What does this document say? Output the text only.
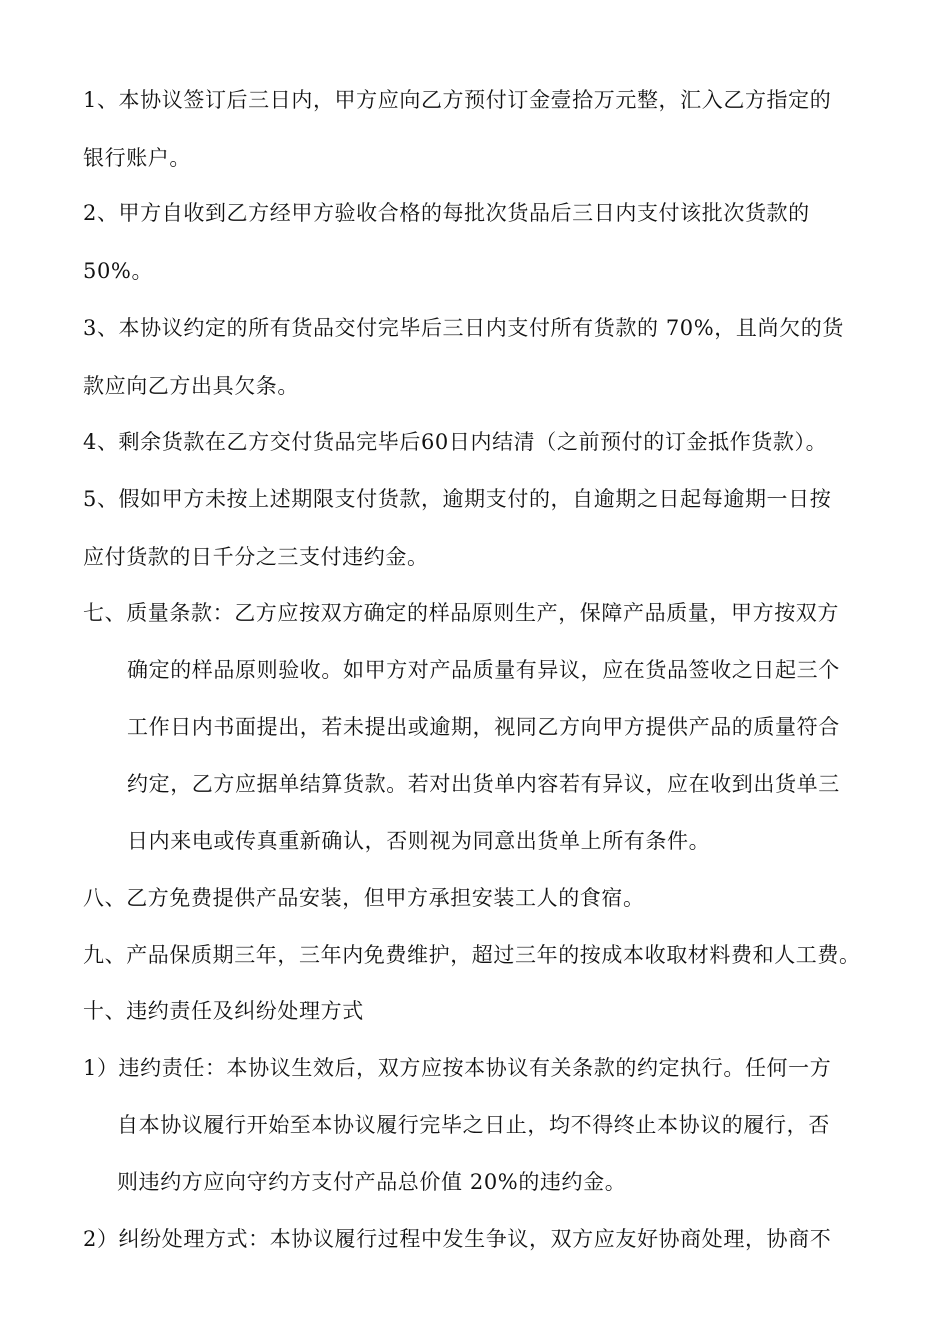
1、本协议签订后三日内，甲方应向乙方预付订金壹拾万元整，汇入乙方指定的
银行账户。
2、甲方自收到乙方经甲方验收合格的每批次货品后三日内支付该批次货款的
50%。
3、本协议约定的所有货品交付完毕后三日内支付所有货款的 70%，且尚欠的货
款应向乙方出具欠条。
4、剩余货款在乙方交付货品完毕后60日内结清（之前预付的订金抵作货款）。
5、假如甲方未按上述期限支付货款，逾期支付的，自逾期之日起每逾期一日按
应付货款的日千分之三支付违约金。
七、质量条款：乙方应按双方确定的样品原则生产，保障产品质量，甲方按双方
确定的样品原则验收。如甲方对产品质量有异议，应在货品签收之日起三个
工作日内书面提出，若未提出或逾期，视同乙方向甲方提供产品的质量符合
约定，乙方应据单结算货款。若对出货单内容若有异议，应在收到出货单三
日内来电或传真重新确认，否则视为同意出货单上所有条件。
八、乙方免费提供产品安装，但甲方承担安装工人的食宿。
九、产品保质期三年，三年内免费维护，超过三年的按成本收取材料费和人工费。
十、违约责任及纠纷处理方式
1）违约责任：本协议生效后，双方应按本协议有关条款的约定执行。任何一方
自本协议履行开始至本协议履行完毕之日止，均不得终止本协议的履行，否
则违约方应向守约方支付产品总价值 20%的违约金。
2）纠纷处理方式：本协议履行过程中发生争议，双方应友好协商处理，协商不
